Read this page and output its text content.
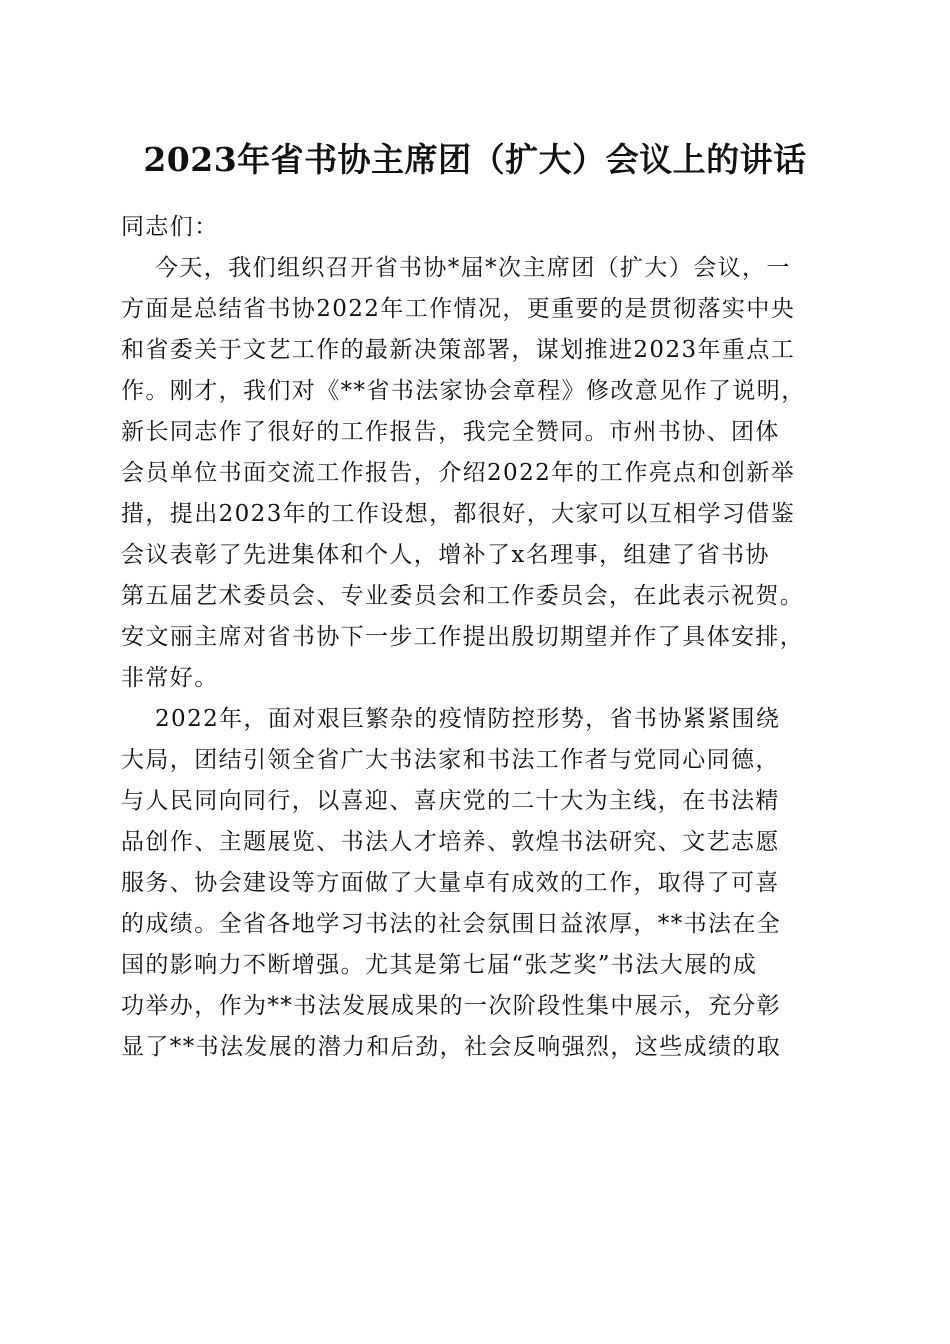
2023年省书协主席团（扩大）会议上的讲话
同志们：
今天，我们组织召开省书协*届*次主席团（扩大）会议，一
方面是总结省书协2022年工作情况，更重要的是贯彻落实中央
和省委关于文艺工作的最新决策部署，谋划推进2023年重点工
作。刚才，我们对《**省书法家协会章程》修改意见作了说明，
新长同志作了很好的工作报告，我完全赞同。市州书协、团体
会员单位书面交流工作报告，介绍2022年的工作亮点和创新举
措，提出2023年的工作设想，都很好，大家可以互相学习借鉴
会议表彰了先进集体和个人，增补了x名理事，组建了省书协
第五届艺术委员会、专业委员会和工作委员会，在此表示祝贺。
安文丽主席对省书协下一步工作提出殷切期望并作了具体安排，
非常好。
2022年，面对艰巨繁杂的疫情防控形势，省书协紧紧围绕
大局，团结引领全省广大书法家和书法工作者与党同心同德，
与人民同向同行，以喜迎、喜庆党的二十大为主线，在书法精
品创作、主题展览、书法人才培养、敦煌书法研究、文艺志愿
服务、协会建设等方面做了大量卓有成效的工作，取得了可喜
的成绩。全省各地学习书法的社会氛围日益浓厚，**书法在全
国的影响力不断增强。尤其是第七届“张芝奖”书法大展的成
功举办，作为**书法发展成果的一次阶段性集中展示，充分彰
显了**书法发展的潜力和后劲，社会反响强烈，这些成绩的取
